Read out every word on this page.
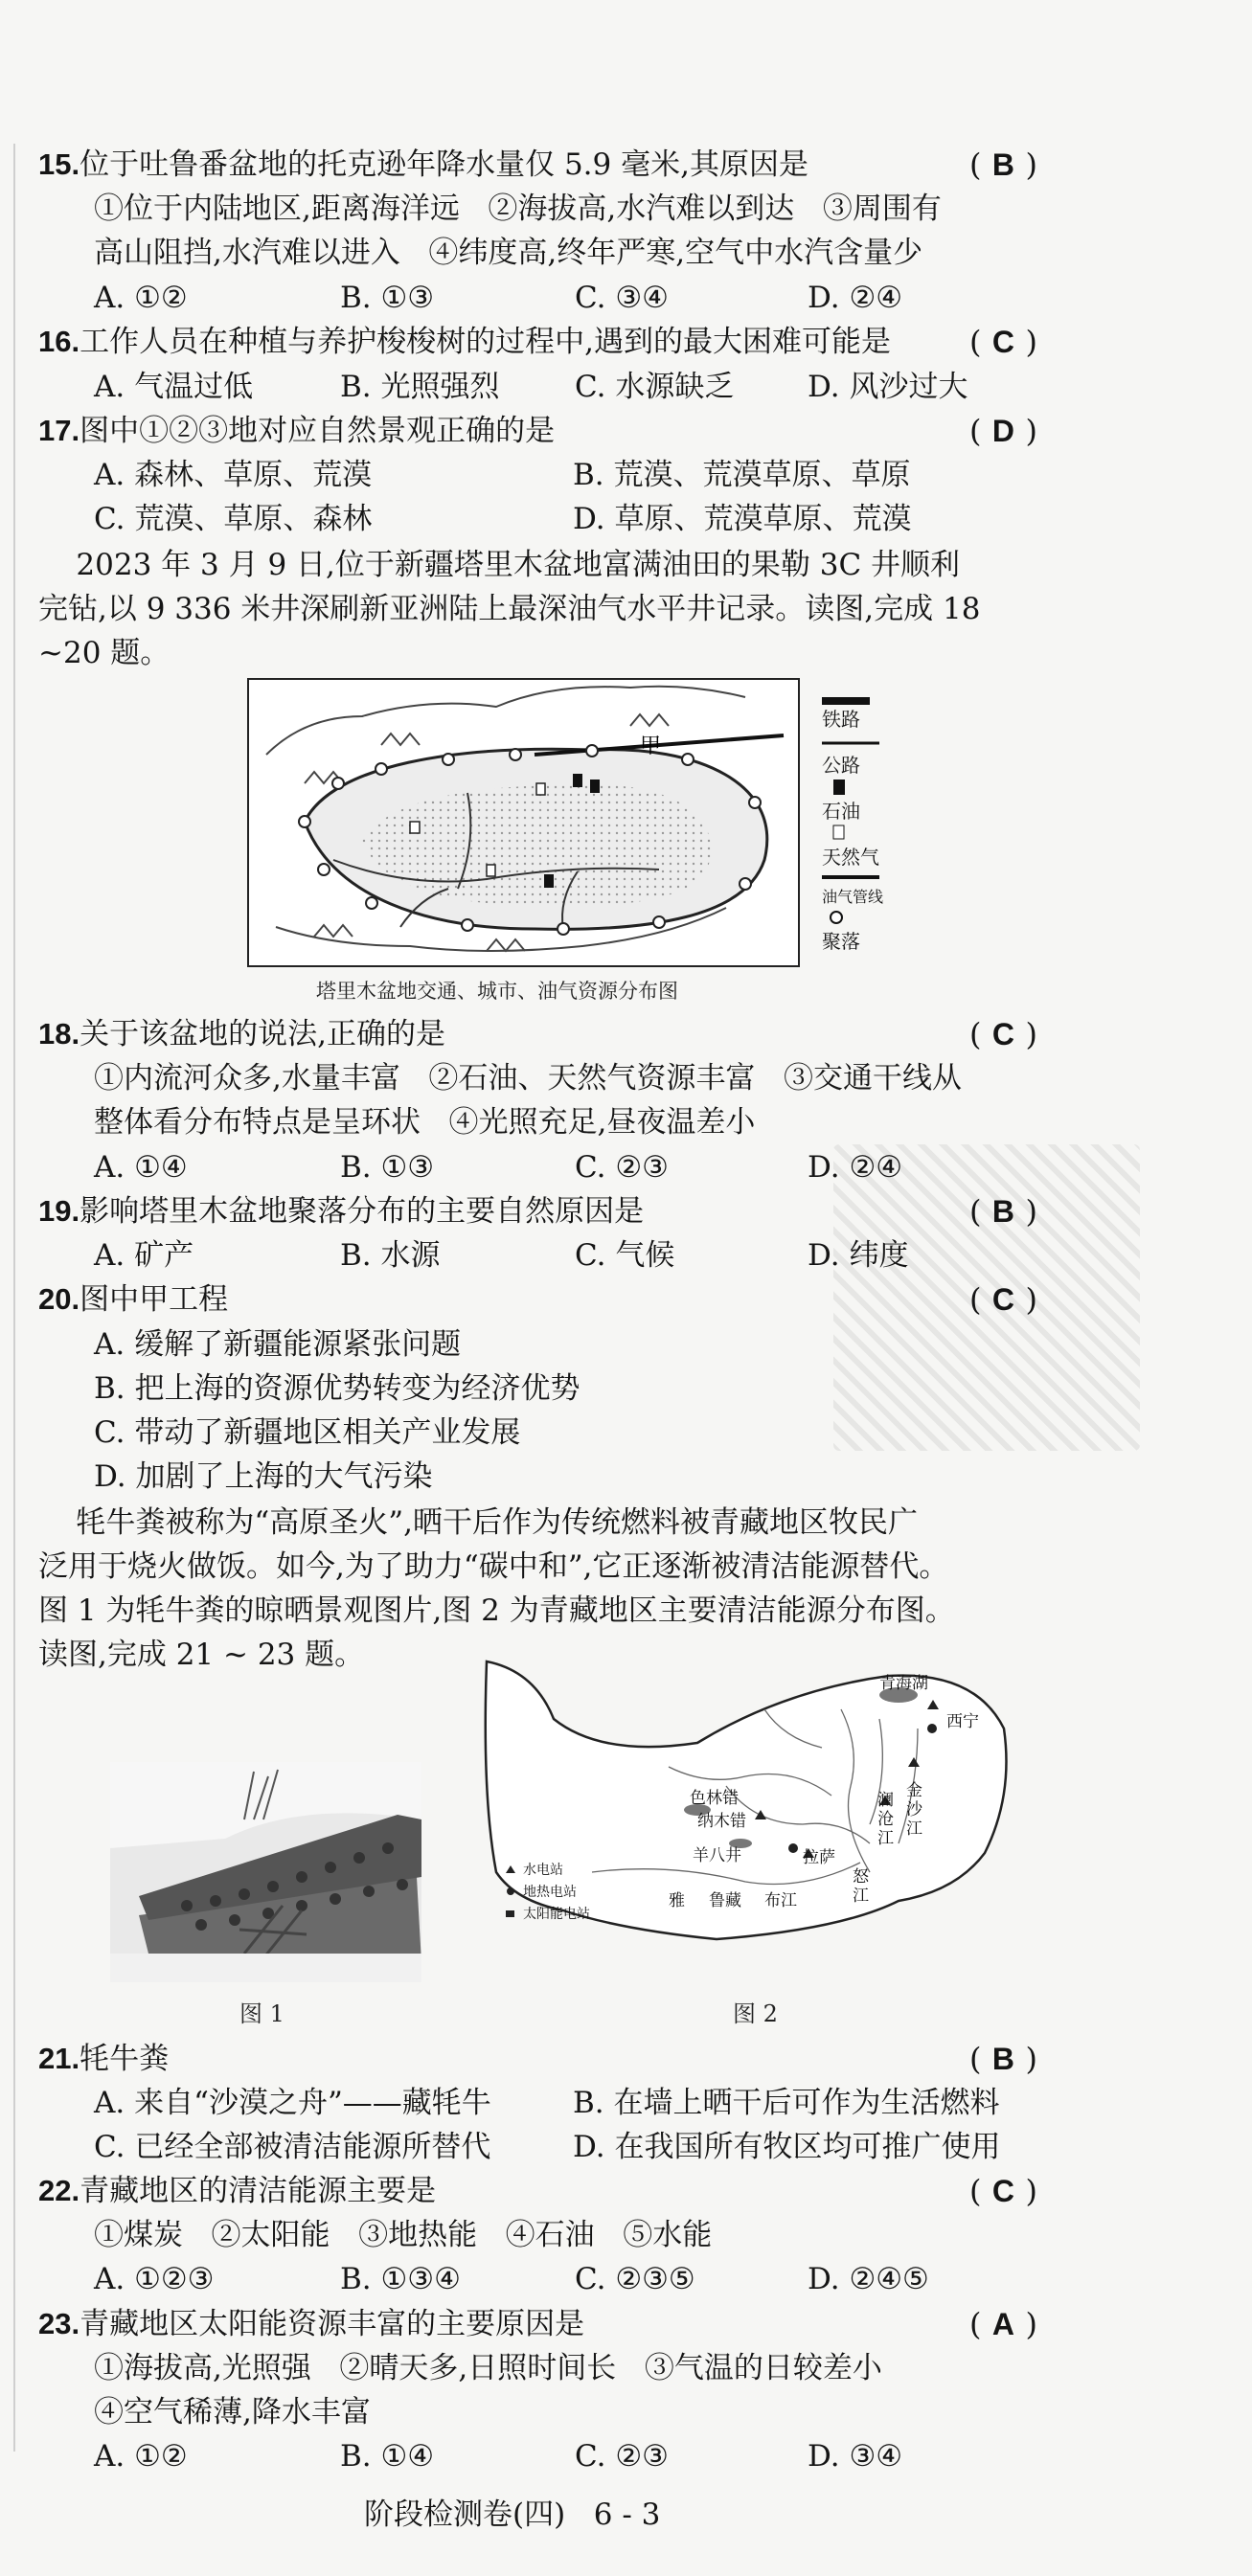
15.位于吐鲁番盆地的托克逊年降水量仅 5.9 毫米,其原因是	( B )
①位于内陆地区,距离海洋远   ②海拔高,水汽难以到达   ③周围有
高山阻挡,水汽难以进入   ④纬度高,终年严寒,空气中水汽含量少
A. ①②	B. ①③	C. ③④	D. ②④
16.工作人员在种植与养护梭梭树的过程中,遇到的最大困难可能是	( C )
A. 气温过低	B. 光照强烈	C. 水源缺乏 D. 风沙过大
17.图中①②③地对应自然景观正确的是	( D )
A. 森林、草原、荒漠	B. 荒漠、荒漠草原、草原
C. 荒漠、草原、森林	D. 草原、荒漠草原、荒漠
2023 年 3 月 9 日,位于新疆塔里木盆地富满油田的果勒 3C 井顺利
完钻,以 9 336 米井深刷新亚洲陆上最深油气水平井记录。读图,完成 18
~20 题。
甲
铁路
公路
石油
天然气
油气管线
聚落
塔里木盆地交通、城市、油气资源分布图
18.关于该盆地的说法,正确的是	( C )
①内流河众多,水量丰富   ②石油、天然气资源丰富   ③交通干线从
整体看分布特点是呈环状   ④光照充足,昼夜温差小
A. ①④	B. ①③	C. ②③	D. ②④
19.影响塔里木盆地聚落分布的主要自然原因是	( B )
A. 矿产	B. 水源	C. 气候	D. 纬度
20.图中甲工程	( C )
A. 缓解了新疆能源紧张问题
B. 把上海的资源优势转变为经济优势
C. 带动了新疆地区相关产业发展
D. 加剧了上海的大气污染
牦牛粪被称为“高原圣火”,晒干后作为传统燃料被青藏地区牧民广
泛用于烧火做饭。如今,为了助力“碳中和”,它正逐渐被清洁能源替代。
图 1 为牦牛粪的晾晒景观图片,图 2 为青藏地区主要清洁能源分布图。
读图,完成 21 ~ 23 题。
图 1
青海湖
西宁
色林错
纳木错
羊八井	拉萨
雅 鲁藏 布江
澜
沧
江
金
沙
江
怒
江
水电站
地热电站
太阳能电站
图 2
21.牦牛粪	( B )
A. 来自“沙漠之舟”——藏牦牛	B. 在墙上晒干后可作为生活燃料
C. 已经全部被清洁能源所替代	D. 在我国所有牧区均可推广使用
22.青藏地区的清洁能源主要是	( C )
①煤炭   ②太阳能   ③地热能   ④石油   ⑤水能
A. ①②③	B. ①③④	C. ②③⑤	D. ②④⑤
23.青藏地区太阳能资源丰富的主要原因是	( A )
①海拔高,光照强   ②晴天多,日照时间长   ③气温的日较差小
④空气稀薄,降水丰富
A. ①②	B. ①④	C. ②③	D. ③④
阶段检测卷(四)   6 - 3
